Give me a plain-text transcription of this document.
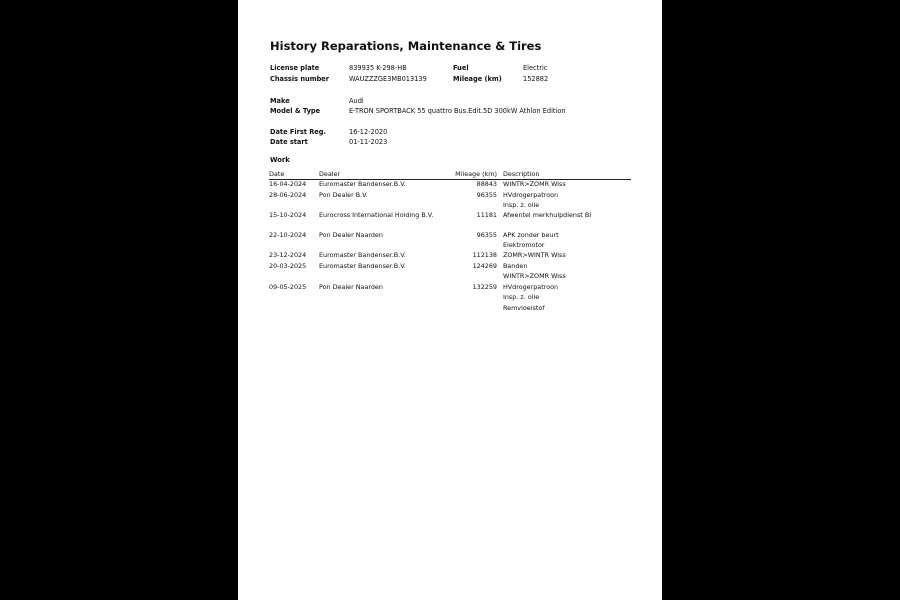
History Reparations, Maintenance & Tires
License plate	839935 K-298-HB	Fuel	Electric
Chassis number	WAUZZZGE3MB013139	Mileage (km)	152882
Make	Audi
Model & Type	E-TRON SPORTBACK 55 quattro Bus.Edit.5D 300kW Athlon Edition
Date First Reg.	16-12-2020
Date start	01-11-2023
Work
Date	Dealer	Mileage (km) Description
16-04-2024 Euromaster Bandenser.B.V.	88843 WINTR>ZOMR Wiss
28-06-2024 Pon Dealer B.V.	96355 HVdrogerpatroon
Insp. z. olie
15-10-2024 Eurocross International Holding B.V.	11181 Afwentel merkhulpdienst BI
22-10-2024 Pon Dealer Naarden	96355 APK zonder beurt
Elektromotor
23-12-2024 Euromaster Bandenser.B.V.	112138 ZOMR>WINTR Wiss
20-03-2025 Euromaster Bandenser.B.V.	124269 Banden
WINTR>ZOMR Wiss
09-05-2025 Pon Dealer Naarden	132259 HVdrogerpatroon
Insp. z. olie
Remvloeistof
